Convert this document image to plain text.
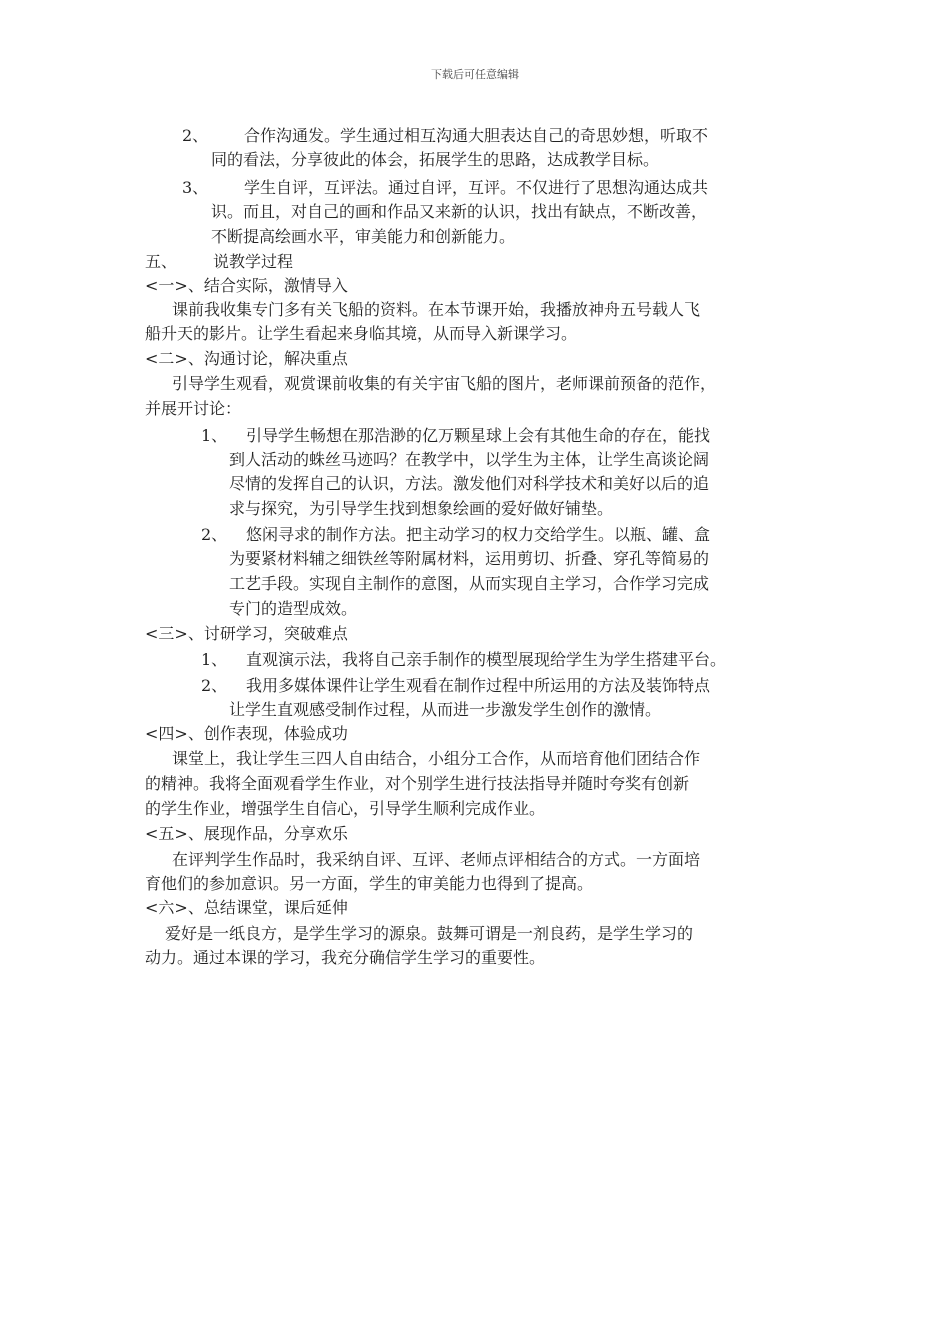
下载后可任意编辑
2、 合作沟通发。学生通过相互沟通大胆表达自己的奇思妙想，听取不
同的看法，分享彼此的体会，拓展学生的思路，达成教学目标。
3、 学生自评，互评法。通过自评，互评。不仅进行了思想沟通达成共
识。而且，对自己的画和作品又来新的认识，找出有缺点，不断改善，
不断提高绘画水平，审美能力和创新能力。
五、 说教学过程
<一>、结合实际，激情导入
课前我收集专门多有关飞船的资料。在本节课开始，我播放神舟五号载人飞
船升天的影片。让学生看起来身临其境，从而导入新课学习。
<二>、沟通讨论，解决重点
引导学生观看，观赏课前收集的有关宇宙飞船的图片，老师课前预备的范作，
并展开讨论：
1、 引导学生畅想在那浩渺的亿万颗星球上会有其他生命的存在，能找
到人活动的蛛丝马迹吗？在教学中，以学生为主体，让学生高谈论阔
尽情的发挥自己的认识，方法。激发他们对科学技术和美好以后的追
求与探究，为引导学生找到想象绘画的爱好做好铺垫。
2、 悠闲寻求的制作方法。把主动学习的权力交给学生。以瓶、罐、盒
为要紧材料辅之细铁丝等附属材料，运用剪切、折叠、穿孔等简易的
工艺手段。实现自主制作的意图，从而实现自主学习，合作学习完成
专门的造型成效。
<三>、讨研学习，突破难点
1、 直观演示法，我将自己亲手制作的模型展现给学生为学生搭建平台。
2、 我用多媒体课件让学生观看在制作过程中所运用的方法及装饰特点
让学生直观感受制作过程，从而进一步激发学生创作的激情。
<四>、创作表现，体验成功
课堂上，我让学生三四人自由结合，小组分工合作，从而培育他们团结合作
的精神。我将全面观看学生作业，对个别学生进行技法指导并随时夸奖有创新
的学生作业，增强学生自信心，引导学生顺利完成作业。
<五>、展现作品，分享欢乐
在评判学生作品时，我采纳自评、互评、老师点评相结合的方式。一方面培
育他们的参加意识。另一方面，学生的审美能力也得到了提高。
<六>、总结课堂，课后延伸
爱好是一纸良方，是学生学习的源泉。鼓舞可谓是一剂良药，是学生学习的
动力。通过本课的学习，我充分确信学生学习的重要性。
